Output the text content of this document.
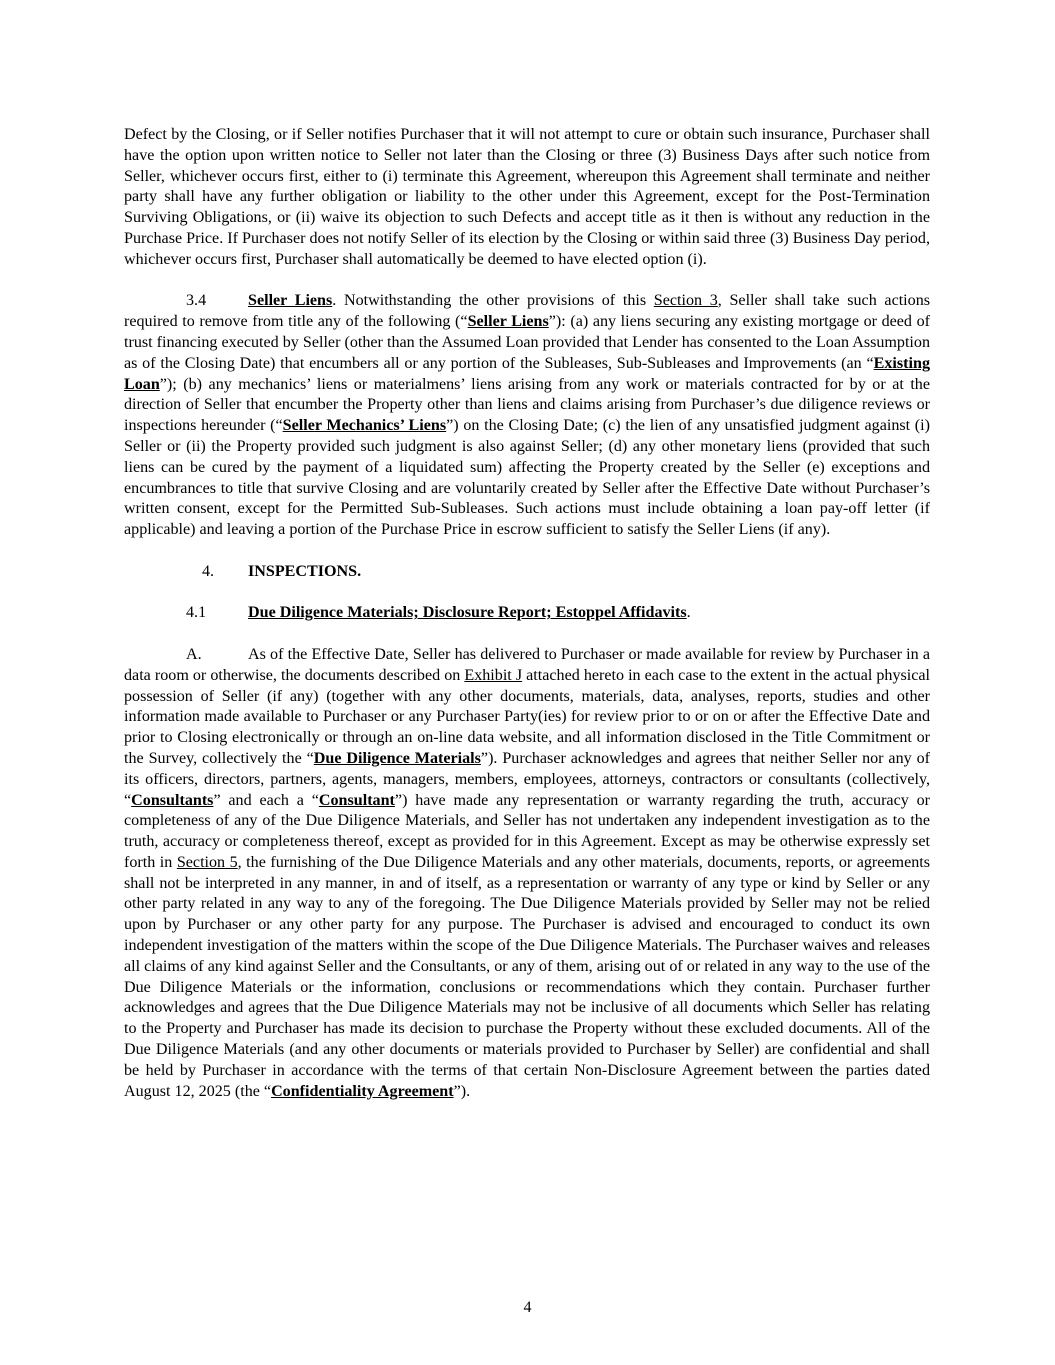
Defect by the Closing, or if Seller notifies Purchaser that it will not attempt to cure or obtain such insurance, Purchaser shall have the option upon written notice to Seller not later than the Closing or three (3) Business Days after such notice from Seller, whichever occurs first, either to (i) terminate this Agreement, whereupon this Agreement shall terminate and neither party shall have any further obligation or liability to the other under this Agreement, except for the Post-Termination Surviving Obligations, or (ii) waive its objection to such Defects and accept title as it then is without any reduction in the Purchase Price. If Purchaser does not notify Seller of its election by the Closing or within said three (3) Business Day period, whichever occurs first, Purchaser shall automatically be deemed to have elected option (i).

3.4	Seller Liens. Notwithstanding the other provisions of this Section 3, Seller shall take such actions required to remove from title any of the following (“Seller Liens”): (a) any liens securing any existing mortgage or deed of trust financing executed by Seller (other than the Assumed Loan provided that Lender has consented to the Loan Assumption as of the Closing Date) that encumbers all or any portion of the Subleases, Sub-Subleases and Improvements (an “Existing Loan”); (b) any mechanics’ liens or materialmens’ liens arising from any work or materials contracted for by or at the direction of Seller that encumber the Property other than liens and claims arising from Purchaser’s due diligence reviews or inspections hereunder (“Seller Mechanics’ Liens”) on the Closing Date; (c) the lien of any unsatisfied judgment against (i) Seller or (ii) the Property provided such judgment is also against Seller; (d) any other monetary liens (provided that such liens can be cured by the payment of a liquidated sum) affecting the Property created by the Seller (e) exceptions and encumbrances to title that survive Closing and are voluntarily created by Seller after the Effective Date without Purchaser’s written consent, except for the Permitted Sub-Subleases. Such actions must include obtaining a loan pay-off letter (if applicable) and leaving a portion of the Purchase Price in escrow sufficient to satisfy the Seller Liens (if any).

4. INSPECTIONS.
4.1	Due Diligence Materials; Disclosure Report; Estoppel Affidavits.

A.	As of the Effective Date, Seller has delivered to Purchaser or made available for review by Purchaser in a data room or otherwise, the documents described on Exhibit J attached hereto in each case to the extent in the actual physical possession of Seller (if any) (together with any other documents, materials, data, analyses, reports, studies and other information made available to Purchaser or any Purchaser Party(ies) for review prior to or on or after the Effective Date and prior to Closing electronically or through an on-line data website, and all information disclosed in the Title Commitment or the Survey, collectively the “Due Diligence Materials”). Purchaser acknowledges and agrees that neither Seller nor any of its officers, directors, partners, agents, managers, members, employees, attorneys, contractors or consultants (collectively, “Consultants” and each a “Consultant”) have made any representation or warranty regarding the truth, accuracy or completeness of any of the Due Diligence Materials, and Seller has not undertaken any independent investigation as to the truth, accuracy or completeness thereof, except as provided for in this Agreement. Except as may be otherwise expressly set forth in Section 5, the furnishing of the Due Diligence Materials and any other materials, documents, reports, or agreements shall not be interpreted in any manner, in and of itself, as a representation or warranty of any type or kind by Seller or any other party related in any way to any of the foregoing. The Due Diligence Materials provided by Seller may not be relied upon by Purchaser or any other party for any purpose. The Purchaser is advised and encouraged to conduct its own independent investigation of the matters within the scope of the Due Diligence Materials. The Purchaser waives and releases all claims of any kind against Seller and the Consultants, or any of them, arising out of or related in any way to the use of the Due Diligence Materials or the information, conclusions or recommendations which they contain. Purchaser further acknowledges and agrees that the Due Diligence Materials may not be inclusive of all documents which Seller has relating to the Property and Purchaser has made its decision to purchase the Property without these excluded documents. All of the Due Diligence Materials (and any other documents or materials provided to Purchaser by Seller) are confidential and shall be held by Purchaser in accordance with the terms of that certain Non-Disclosure Agreement between the parties dated August 12, 2025 (the “Confidentiality Agreement”).

4
